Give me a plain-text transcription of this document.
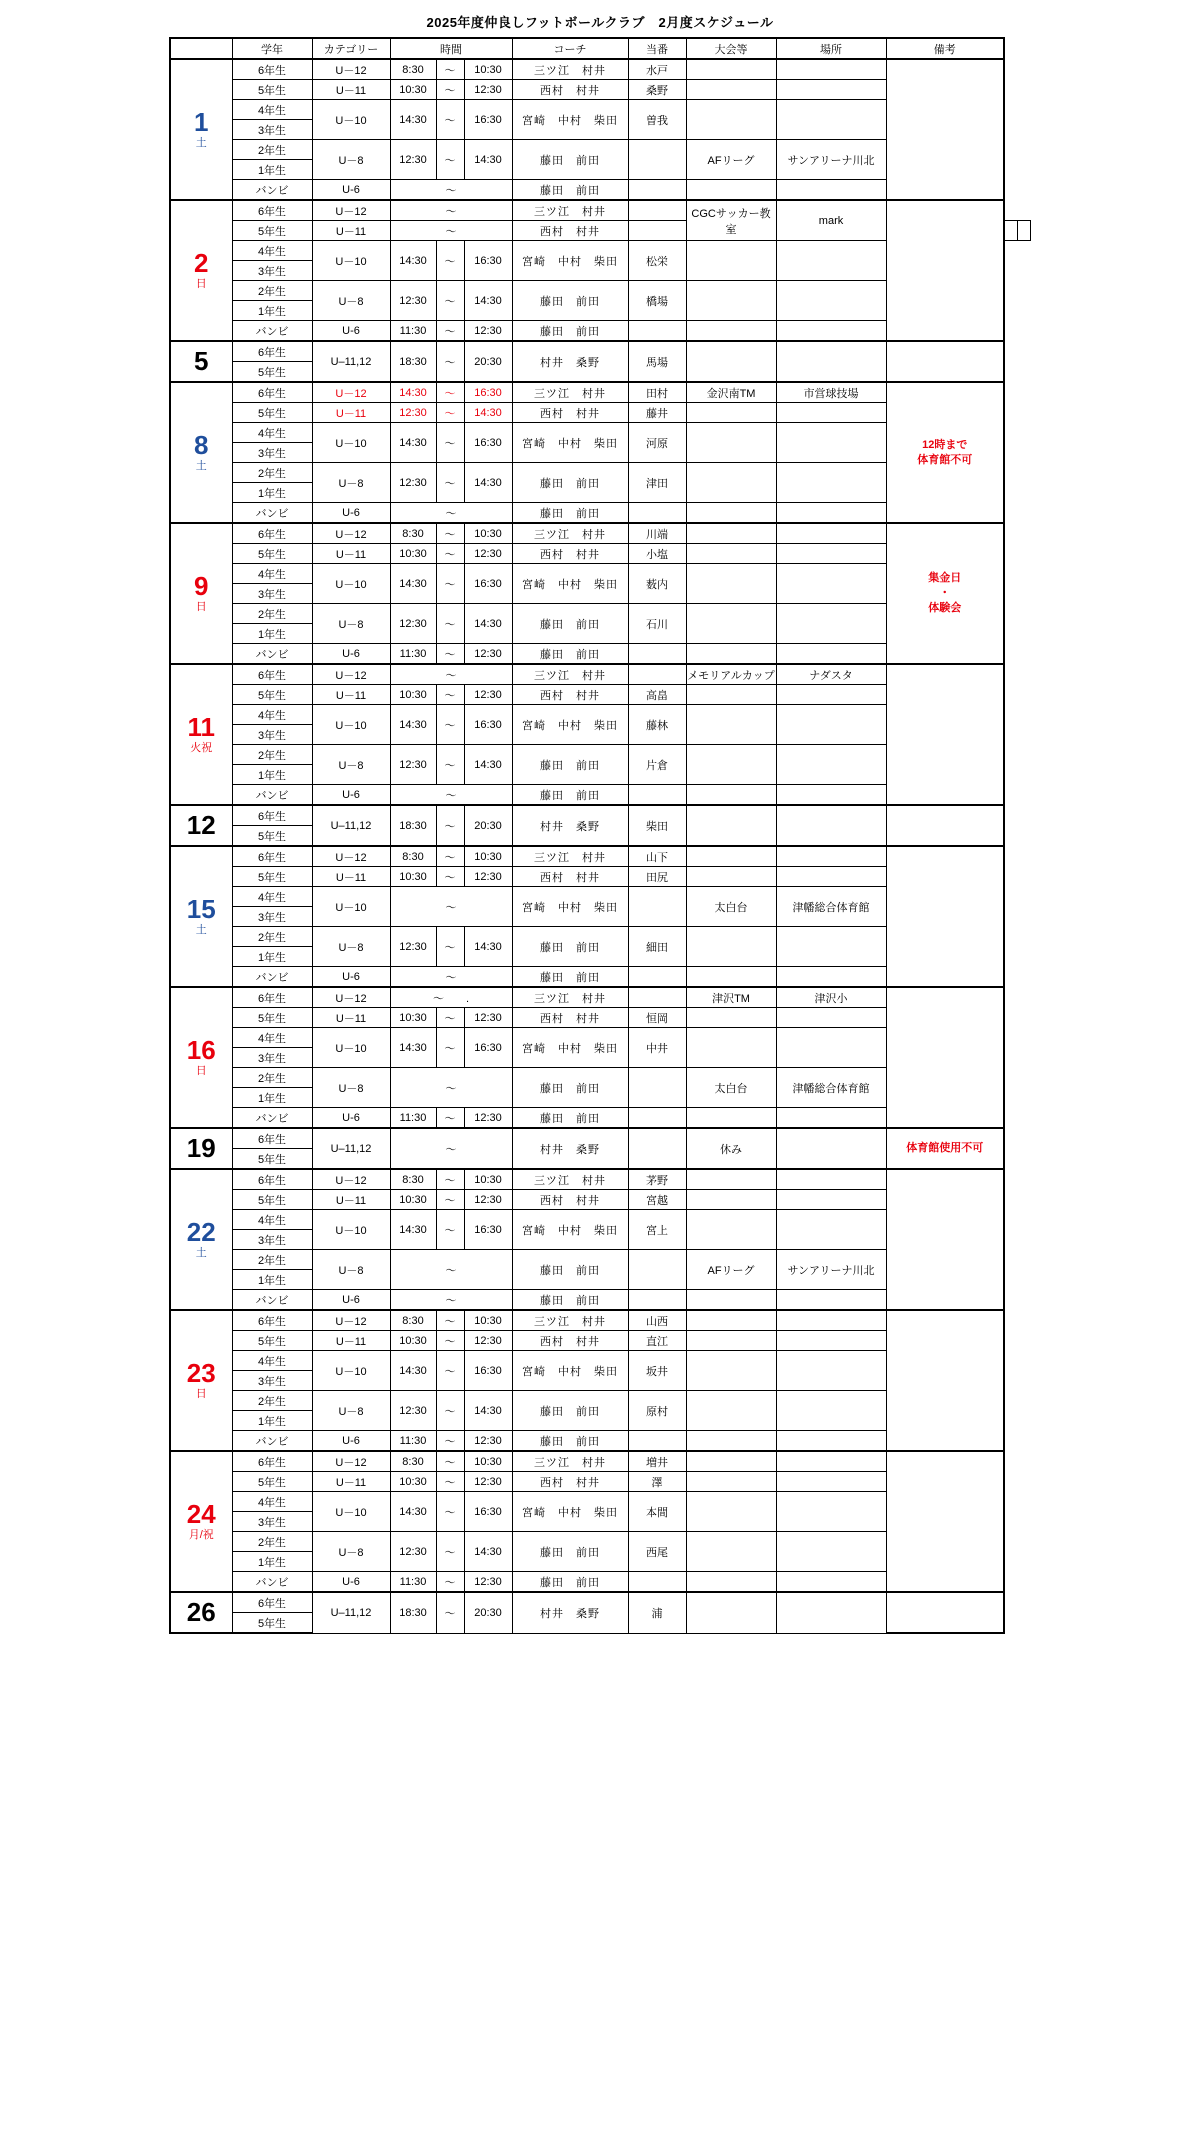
2025年度仲良しフットボールクラブ　2月度スケジュール
	学年	カテゴリー	時間			コーチ	当番	大会等	場所	備考		

1
土	6年生	U－12	8:30	～	10:30	三ツ江　村井	水戸					
	5年生	U－11	10:30	～	12:30	西村　村井	桑野					
	4年生	U－10	14:30	～	16:30	宮崎　中村　柴田	曽我					
	3年生											
	2年生	U－8	12:30	～	14:30	藤田　前田		AFリーグ	サンアリーナ川北			
	1年生											
	バンビ	U-6	～			藤田　前田						

2
日	6年生	U－12	～			三ツ江　村井		CGCサッカー教室	mark			
	5年生	U－11	～			西村　村井						
	4年生	U－10	14:30	～	16:30	宮崎　中村　柴田	松栄					
	3年生											
	2年生	U－8	12:30	～	14:30	藤田　前田	橋場					
	1年生											
	バンビ	U-6	11:30	～	12:30	藤田　前田						

5	6年生	U–11,12	18:30	～	20:30	村井　桑野	馬場					
	5年生											

8
土	6年生	U－12	14:30	～	16:30	三ツ江　村井	田村	金沢南TM	市営球技場	12時まで
体育館不可		
	5年生	U－11	12:30	～	14:30	西村　村井	藤井					
	4年生	U－10	14:30	～	16:30	宮崎　中村　柴田	河原					
	3年生											
	2年生	U－8	12:30	～	14:30	藤田　前田	津田					
	1年生											
	バンビ	U-6	～			藤田　前田						

9
日	6年生	U－12	8:30	～	10:30	三ツ江　村井	川端			集金日
・
体験会		
	5年生	U－11	10:30	～	12:30	西村　村井	小塩					
	4年生	U－10	14:30	～	16:30	宮崎　中村　柴田	薮内					
	3年生											
	2年生	U－8	12:30	～	14:30	藤田　前田	石川					
	1年生											
	バンビ	U-6	11:30	～	12:30	藤田　前田						

11
火祝	6年生	U－12	～			三ツ江　村井		メモリアルカップ	ナダスタ			
	5年生	U－11	10:30	～	12:30	西村　村井	高畠					
	4年生	U－10	14:30	～	16:30	宮崎　中村　柴田	藤林					
	3年生											
	2年生	U－8	12:30	～	14:30	藤田　前田	片倉					
	1年生											
	バンビ	U-6	～			藤田　前田						

12	6年生	U–11,12	18:30	～	20:30	村井　桑野	柴田					
	5年生											

15
土	6年生	U－12	8:30	～	10:30	三ツ江　村井	山下					
	5年生	U－11	10:30	～	12:30	西村　村井	田尻					
	4年生	U－10	～			宮崎　中村　柴田		太白台	津幡総合体育館			
	3年生											
	2年生	U－8	12:30	～	14:30	藤田　前田	細田					
	1年生											
	バンビ	U-6	～			藤田　前田						

16
日	6年生	U－12	～　　.			三ツ江　村井		津沢TM	津沢小			
	5年生	U－11	10:30	～	12:30	西村　村井	恒岡					
	4年生	U－10	14:30	～	16:30	宮崎　中村　柴田	中井					
	3年生											
	2年生	U－8	～			藤田　前田		太白台	津幡総合体育館			
	1年生											
	バンビ	U-6	11:30	～	12:30	藤田　前田						

19	6年生	U–11,12	～			村井　桑野		休み		体育館使用不可		
	5年生											

22
土	6年生	U－12	8:30	～	10:30	三ツ江　村井	茅野					
	5年生	U－11	10:30	～	12:30	西村　村井	宮越					
	4年生	U－10	14:30	～	16:30	宮崎　中村　柴田	宮上					
	3年生											
	2年生	U－8	～			藤田　前田		AFリーグ	サンアリーナ川北			
	1年生											
	バンビ	U-6	～			藤田　前田						

23
日	6年生	U－12	8:30	～	10:30	三ツ江　村井	山西					
	5年生	U－11	10:30	～	12:30	西村　村井	直江					
	4年生	U－10	14:30	～	16:30	宮崎　中村　柴田	坂井					
	3年生											
	2年生	U－8	12:30	～	14:30	藤田　前田	原村					
	1年生											
	バンビ	U-6	11:30	～	12:30	藤田　前田						

24
月/祝	6年生	U－12	8:30	～	10:30	三ツ江　村井	増井					
	5年生	U－11	10:30	～	12:30	西村　村井	澤					
	4年生	U－10	14:30	～	16:30	宮崎　中村　柴田	本間					
	3年生											
	2年生	U－8	12:30	～	14:30	藤田　前田	西尾					
	1年生											
	バンビ	U-6	11:30	～	12:30	藤田　前田						

26	6年生	U–11,12	18:30	～	20:30	村井　桑野	浦					
	5年生											
